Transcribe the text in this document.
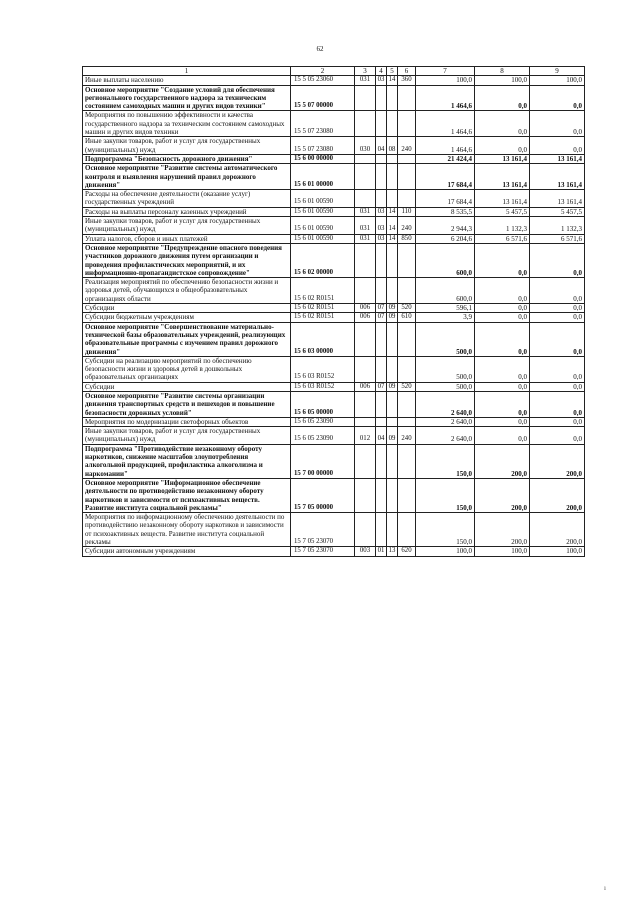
62
1	2	3	4	5	6	7	8	9
Иные выплаты населению	15 5 05 23060	031	03	14	360	100,0	100,0	100,0
Основное мероприятие "Создание условий для обеспечения регионального государственного надзора за техническим состоянием самоходных машин и других видов техники"	15 5 07 00000					1 464,6	0,0	0,0
Мероприятия по повышению эффективности и качества государственного надзора за техническим состоянием самоходных машин и других видов техники	15 5 07 23080					1 464,6	0,0	0,0
Иные закупки товаров, работ и услуг для государственных (муниципальных) нужд	15 5 07 23080	030	04	08	240	1 464,6	0,0	0,0
Подпрограмма "Безопасность дорожного движения"	15 6 00 00000					21 424,4	13 161,4	13 161,4
Основное мероприятие "Развитие системы автоматического контроля и выявления нарушений правил дорожного движения"	15 6 01 00000					17 684,4	13 161,4	13 161,4
Расходы на обеспечение деятельности (оказание услуг) государственных учреждений	15 6 01 00590					17 684,4	13 161,4	13 161,4
Расходы на выплаты персоналу казенных учреждений	15 6 01 00590	031	03	14	110	8 535,5	5 457,5	5 457,5
Иные закупки товаров, работ и услуг для государственных (муниципальных) нужд	15 6 01 00590	031	03	14	240	2 944,3	1 132,3	1 132,3
Уплата налогов, сборов и иных платежей	15 6 01 00590	031	03	14	850	6 204,6	6 571,6	6 571,6
Основное мероприятие "Предупреждение опасного поведения участников дорожного движения путем организации и проведения профилактических мероприятий, и их информационно-пропагандистское сопровождение"	15 6 02 00000					600,0	0,0	0,0
Реализация мероприятий по обеспечению безопасности жизни и здоровья детей, обучающихся в общеобразовательных организациях области	15 6 02 R0151					600,0	0,0	0,0
Субсидии	15 6 02 R0151	006	07	09	520	596,1	0,0	0,0
Субсидии бюджетным учреждениям	15 6 02 R0151	006	07	09	610	3,9	0,0	0,0
Основное мероприятие "Совершенствование материально-технической базы образовательных учреждений, реализующих образовательные программы с изучением правил дорожного движения"	15 6 03 00000					500,0	0,0	0,0
Субсидии на реализацию мероприятий по обеспечению безопасности жизни и здоровья детей в дошкольных образовательных организациях	15 6 03 R0152					500,0	0,0	0,0
Субсидии	15 6 03 R0152	006	07	09	520	500,0	0,0	0,0
Основное мероприятие "Развитие системы организации движения транспортных средств и пешеходов и повышение безопасности дорожных условий"	15 6 05 00000					2 640,0	0,0	0,0
Мероприятия по модернизации светофорных объектов	15 6 05 23090					2 640,0	0,0	0,0
Иные закупки товаров, работ и услуг для государственных (муниципальных) нужд	15 6 05 23090	012	04	09	240	2 640,0	0,0	0,0
Подпрограмма "Противодействие незаконному обороту наркотиков, снижение масштабов злоупотребления алкогольной продукцией, профилактика алкоголизма и наркомании"	15 7 00 00000					150,0	200,0	200,0
Основное мероприятие "Информационное обеспечение деятельности по противодействию незаконному обороту наркотиков и зависимости от психоактивных веществ. Развитие института социальной рекламы"	15 7 05 00000					150,0	200,0	200,0
Мероприятия по информационному обеспечению деятельности по противодействию незаконному обороту наркотиков и зависимости от психоактивных веществ. Развитие института социальной рекламы	15 7 05 23070					150,0	200,0	200,0
Субсидии автономным учреждениям	15 7 05 23070	003	01	13	620	100,0	100,0	100,0
ı
